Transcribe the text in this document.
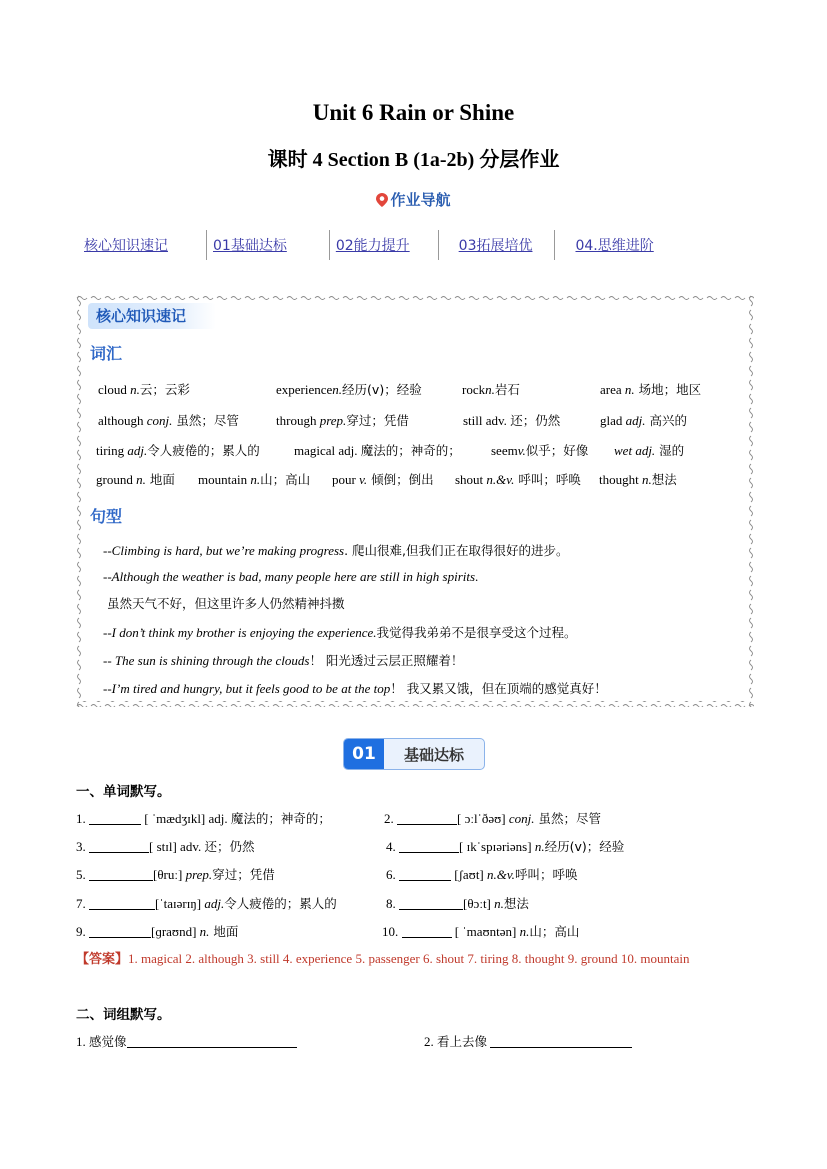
Unit 6 Rain or Shine
课时 4 Section B (1a-2b) 分层作业
作业导航
核心知识速记	01基础达标	02能力提升	03拓展培优	04.思维进阶
核心知识速记
词汇
cloud n.云；云彩	experiencen.经历(v)；经验	rockn.岩石	area n. 场地；地区
although conj. 虽然；尽管	through prep.穿过；凭借	still adv. 还；仍然	glad adj. 高兴的
tiring adj.令人疲倦的；累人的	magical adj. 魔法的；神奇的； seemv.似乎；好像 wet adj. 湿的
ground n. 地面 mountain n.山；高山 pour v. 倾倒；倒出 shout n.&v. 呼叫；呼唤 thought n.想法
句型
--Climbing is hard, but we’re making progress. 爬山很难,但我们正在取得很好的进步。
--Although the weather is bad, many people here are still in high spirits.
虽然天气不好，但这里许多人仍然精神抖擞
--I don’t think my brother is enjoying the experience.我觉得我弟弟不是很享受这个过程。
-- The sun is shining through the clouds！ 阳光透过云层正照耀着！
--I’m tired and hungry, but it feels good to be at the top！ 我又累又饿，但在顶端的感觉真好！
01	基础达标
一、单词默写。
1.	[ ˈmædʒɪkl] adj. 魔法的；神奇的；	2.	[ ɔːlˈðəʊ] conj. 虽然；尽管
3.	[ stɪl] adv. 还；仍然	4.	[ ɪkˈspɪəriəns] n.经历(v)；经验
5.	[θruː] prep.穿过；凭借	6.	[ʃaʊt] n.&v.呼叫；呼唤
7.	[ˈtaɪərɪŋ] adj.令人疲倦的；累人的	8.	[θɔːt] n.想法
9.	[ɡraʊnd] n. 地面	10.	[ ˈmaʊntən] n.山；高山
【答案】1. magical 2. although 3. still 4. experience 5. passenger 6. shout 7. tiring 8. thought 9. ground 10. mountain
二、词组默写。
1. 感觉像	2. 看上去像
